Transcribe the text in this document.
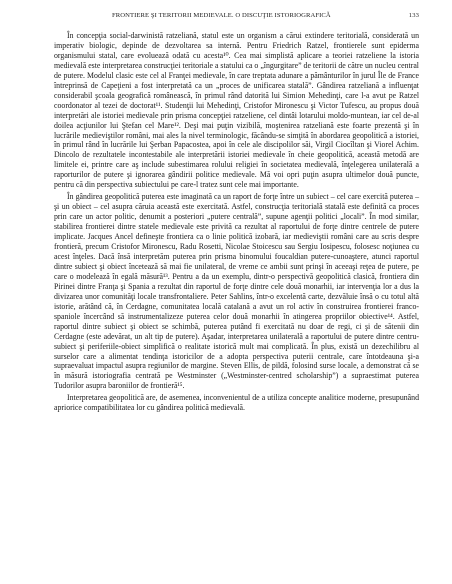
FRONTIERE ŞI TERITORII MEDIEVALE. O DISCUŢIE ISTORIOGRAFICĂ	133

În concepţia social-darwinistă ratzeliană, statul este un organism a cărui extindere teritorială, considerată un imperativ biologic, depinde de dezvoltarea sa internă. Pentru Friedrich Ratzel, frontierele sunt epiderma organismului statal, care evoluează odată cu acesta¹⁰. Cea mai simplistă aplicare a teoriei ratzeliene la istoria medievală este interpretarea construcţiei teritoriale a statului ca o „îngurgitare” de teritorii de către un nucleu central de putere. Modelul clasic este cel al Franţei medievale, în care treptata adunare a pământurilor în jurul Île de France întreprinsă de Capeţieni a fost interpretată ca un „proces de unificarea statală”. Gândirea ratzeliană a influenţat considerabil şcoala geografică românească, în primul rând datorită lui Simion Mehedinţi, care l-a avut pe Ratzel coordonator al tezei de doctorat¹¹. Studenţii lui Mehedinţi, Cristofor Mironescu şi Victor Tufescu, au propus două interpretări ale istoriei medievale prin prisma concepţiei ratzeliene, cel dintâi lotarului moldo-muntean, iar cel de-al doilea acţiunilor lui Ştefan cel Mare¹². Deşi mai puţin vizibilă, moştenirea ratzeliană este foarte prezentă şi în lucrările medieviştilor români, mai ales la nivel terminologic, făcându-se simţită în abordarea geopolitică a istoriei, în primul rând în lucrările lui Şerban Papacostea, apoi în cele ale discipolilor săi, Virgil Ciocîltan şi Viorel Achim. Dincolo de rezultatele incontestabile ale interpretării istoriei medievale în cheie geopolitică, această metodă are limitele ei, printre care aş include subestimarea rolului religiei în societatea medievală, înţelegerea unilaterală a raporturilor de putere şi ignorarea gândirii politice medievale. Mă voi opri puţin asupra ultimelor două puncte, pentru că din perspectiva subiectului pe care-l tratez sunt cele mai importante.

În gândirea geopolitică puterea este imaginată ca un raport de forţe între un subiect – cel care exercită puterea – şi un obiect – cel asupra căruia această este exercitată. Astfel, construcţia teritorială statală este definită ca proces prin care un actor politic, denumit a posteriori „putere centrală”, supune agenţii politici „locali”. În mod similar, stabilirea frontierei dintre statele medievale este privită ca rezultat al raportului de forţe dintre centrele de putere implicate. Jacques Ancel defineşte frontiera ca o linie politică izobară, iar medieviştii români care au scris despre frontieră, precum Cristofor Mironescu, Radu Rosetti, Nicolae Stoicescu sau Sergiu Iosipescu, folosesc noţiunea cu acest înţeles. Dacă însă interpretăm puterea prin prisma binomului foucaldian putere-cunoaştere, atunci raportul dintre subiect şi obiect încetează să mai fie unilateral, de vreme ce ambii sunt prinşi în aceeaşi reţea de putere, pe care o modelează în egală măsură¹³. Pentru a da un exemplu, dintr-o perspectivă geopolitică clasică, frontiera din Pirinei dintre Franţa şi Spania a rezultat din raportul de forţe dintre cele două monarhii, iar intervenţia lor a dus la divizarea unor comunităţi locale transfrontaliere. Peter Sahlins, într-o excelentă carte, dezvăluie însă o cu totul altă istorie, arătând că, în Cerdagne, comunitatea locală catalană a avut un rol activ în construirea frontierei franco-spaniole încercând să instrumentalizeze puterea celor două monarhii în atingerea propriilor obiective¹⁴. Astfel, raportul dintre subiect şi obiect se schimbă, puterea putând fi exercitată nu doar de regi, ci şi de sătenii din Cerdagne (este adevărat, un alt tip de putere). Aşadar, interpretarea unilaterală a raportului de putere dintre centru-subiect şi periferiile-obiect simplifică o realitate istorică mult mai complicată. În plus, există un dezechilibru al surselor care a alimentat tendinţa istoricilor de a adopta perspectiva puterii centrale, care întotdeauna şi-a supraevaluat impactul asupra regiunilor de margine. Steven Ellis, de pildă, folosind surse locale, a demonstrat că se în măsură istoriografia centrată pe Westminster („Westminster-centred scholarship”) a supraestimat puterea Tudorilor asupra baroniilor de frontieră¹⁵.

Interpretarea geopolitică are, de asemenea, inconvenientul de a utiliza concepte analitice moderne, presupunând apriorice compatibilitatea lor cu gândirea politică medievală.
